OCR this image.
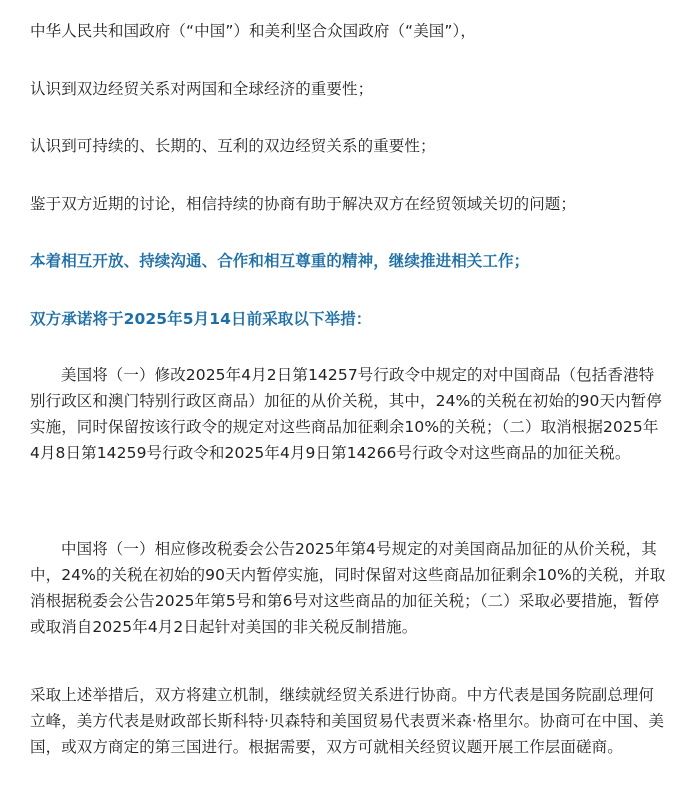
中华人民共和国政府（“中国”）和美利坚合众国政府（“美国”），

认识到双边经贸关系对两国和全球经济的重要性；

认识到可持续的、长期的、互利的双边经贸关系的重要性；

鉴于双方近期的讨论，相信持续的协商有助于解决双方在经贸领域关切的问题；

本着相互开放、持续沟通、合作和相互尊重的精神，继续推进相关工作；

双方承诺将于2025年5月14日前采取以下举措：

美国将（一）修改2025年4月2日第14257号行政令中规定的对中国商品（包括香港特别行政区和澳门特别行政区商品）加征的从价关税，其中，24%的关税在初始的90天内暂停实施，同时保留按该行政令的规定对这些商品加征剩余10%的关税；（二）取消根据2025年4月8日第14259号行政令和2025年4月9日第14266号行政令对这些商品的加征关税。

中国将（一）相应修改税委会公告2025年第4号规定的对美国商品加征的从价关税，其中，24%的关税在初始的90天内暂停实施，同时保留对这些商品加征剩余10%的关税，并取消根据税委会公告2025年第5号和第6号对这些商品的加征关税；（二）采取必要措施，暂停或取消自2025年4月2日起针对美国的非关税反制措施。

采取上述举措后，双方将建立机制，继续就经贸关系进行协商。中方代表是国务院副总理何立峰，美方代表是财政部长斯科特·贝森特和美国贸易代表贾米森·格里尔。协商可在中国、美国，或双方商定的第三国进行。根据需要，双方可就相关经贸议题开展工作层面磋商。
